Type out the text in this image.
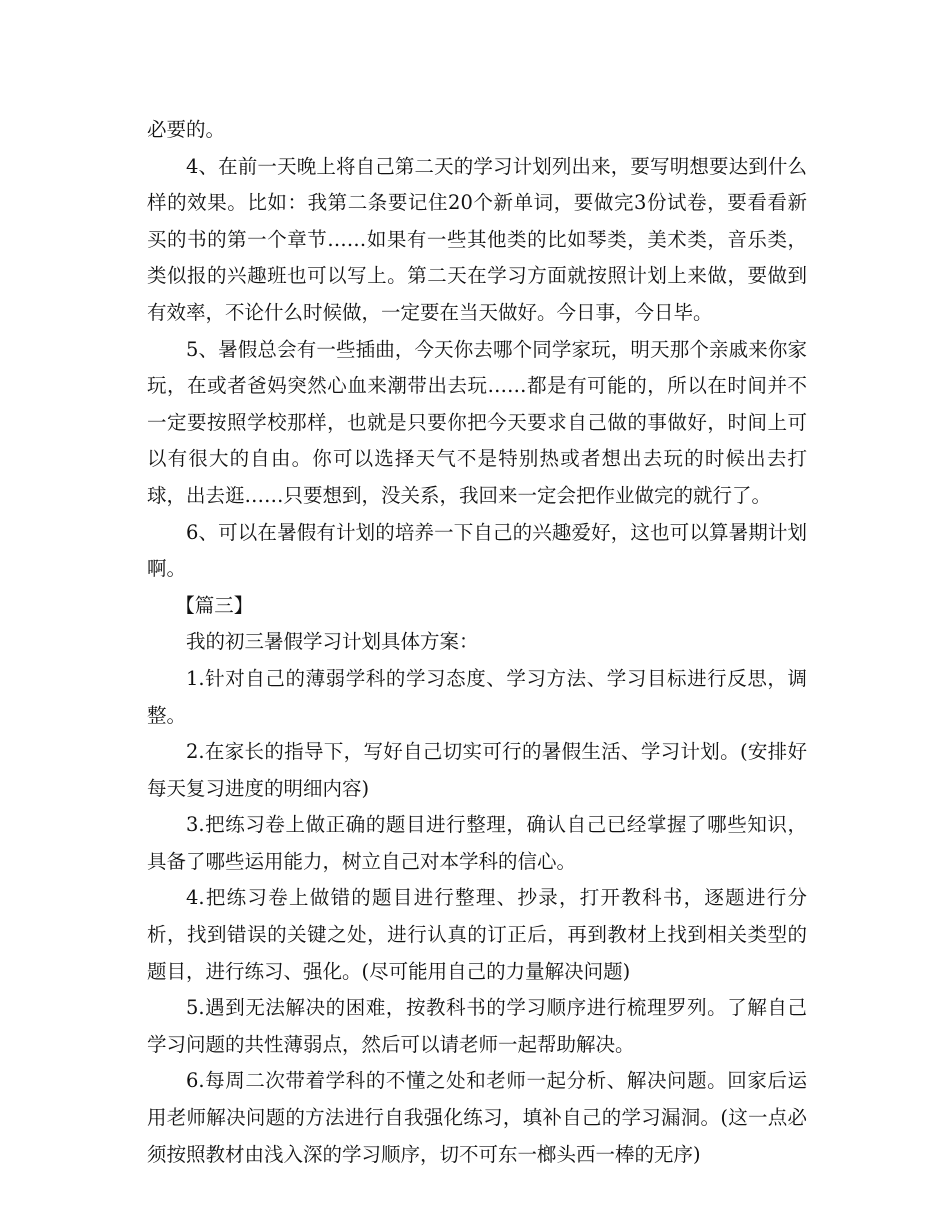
必要的。

4、在前一天晚上将自己第二天的学习计划列出来，要写明想要达到什么样的效果。比如：我第二条要记住20个新单词，要做完3份试卷，要看看新买的书的第一个章节……如果有一些其他类的比如琴类，美术类，音乐类，类似报的兴趣班也可以写上。第二天在学习方面就按照计划上来做，要做到有效率，不论什么时候做，一定要在当天做好。今日事，今日毕。

5、暑假总会有一些插曲，今天你去哪个同学家玩，明天那个亲戚来你家玩，在或者爸妈突然心血来潮带出去玩……都是有可能的，所以在时间并不一定要按照学校那样，也就是只要你把今天要求自己做的事做好，时间上可以有很大的自由。你可以选择天气不是特别热或者想出去玩的时候出去打球，出去逛……只要想到，没关系，我回来一定会把作业做完的就行了。

6、可以在暑假有计划的培养一下自己的兴趣爱好，这也可以算暑期计划啊。

【篇三】

我的初三暑假学习计划具体方案：

1.针对自己的薄弱学科的学习态度、学习方法、学习目标进行反思，调整。

2.在家长的指导下，写好自己切实可行的暑假生活、学习计划。(安排好每天复习进度的明细内容)

3.把练习卷上做正确的题目进行整理，确认自己已经掌握了哪些知识，具备了哪些运用能力，树立自己对本学科的信心。

4.把练习卷上做错的题目进行整理、抄录，打开教科书，逐题进行分析，找到错误的关键之处，进行认真的订正后，再到教材上找到相关类型的题目，进行练习、强化。(尽可能用自己的力量解决问题)

5.遇到无法解决的困难，按教科书的学习顺序进行梳理罗列。了解自己学习问题的共性薄弱点，然后可以请老师一起帮助解决。

6.每周二次带着学科的不懂之处和老师一起分析、解决问题。回家后运用老师解决问题的方法进行自我强化练习，填补自己的学习漏洞。(这一点必须按照教材由浅入深的学习顺序，切不可东一榔头西一棒的无序)
